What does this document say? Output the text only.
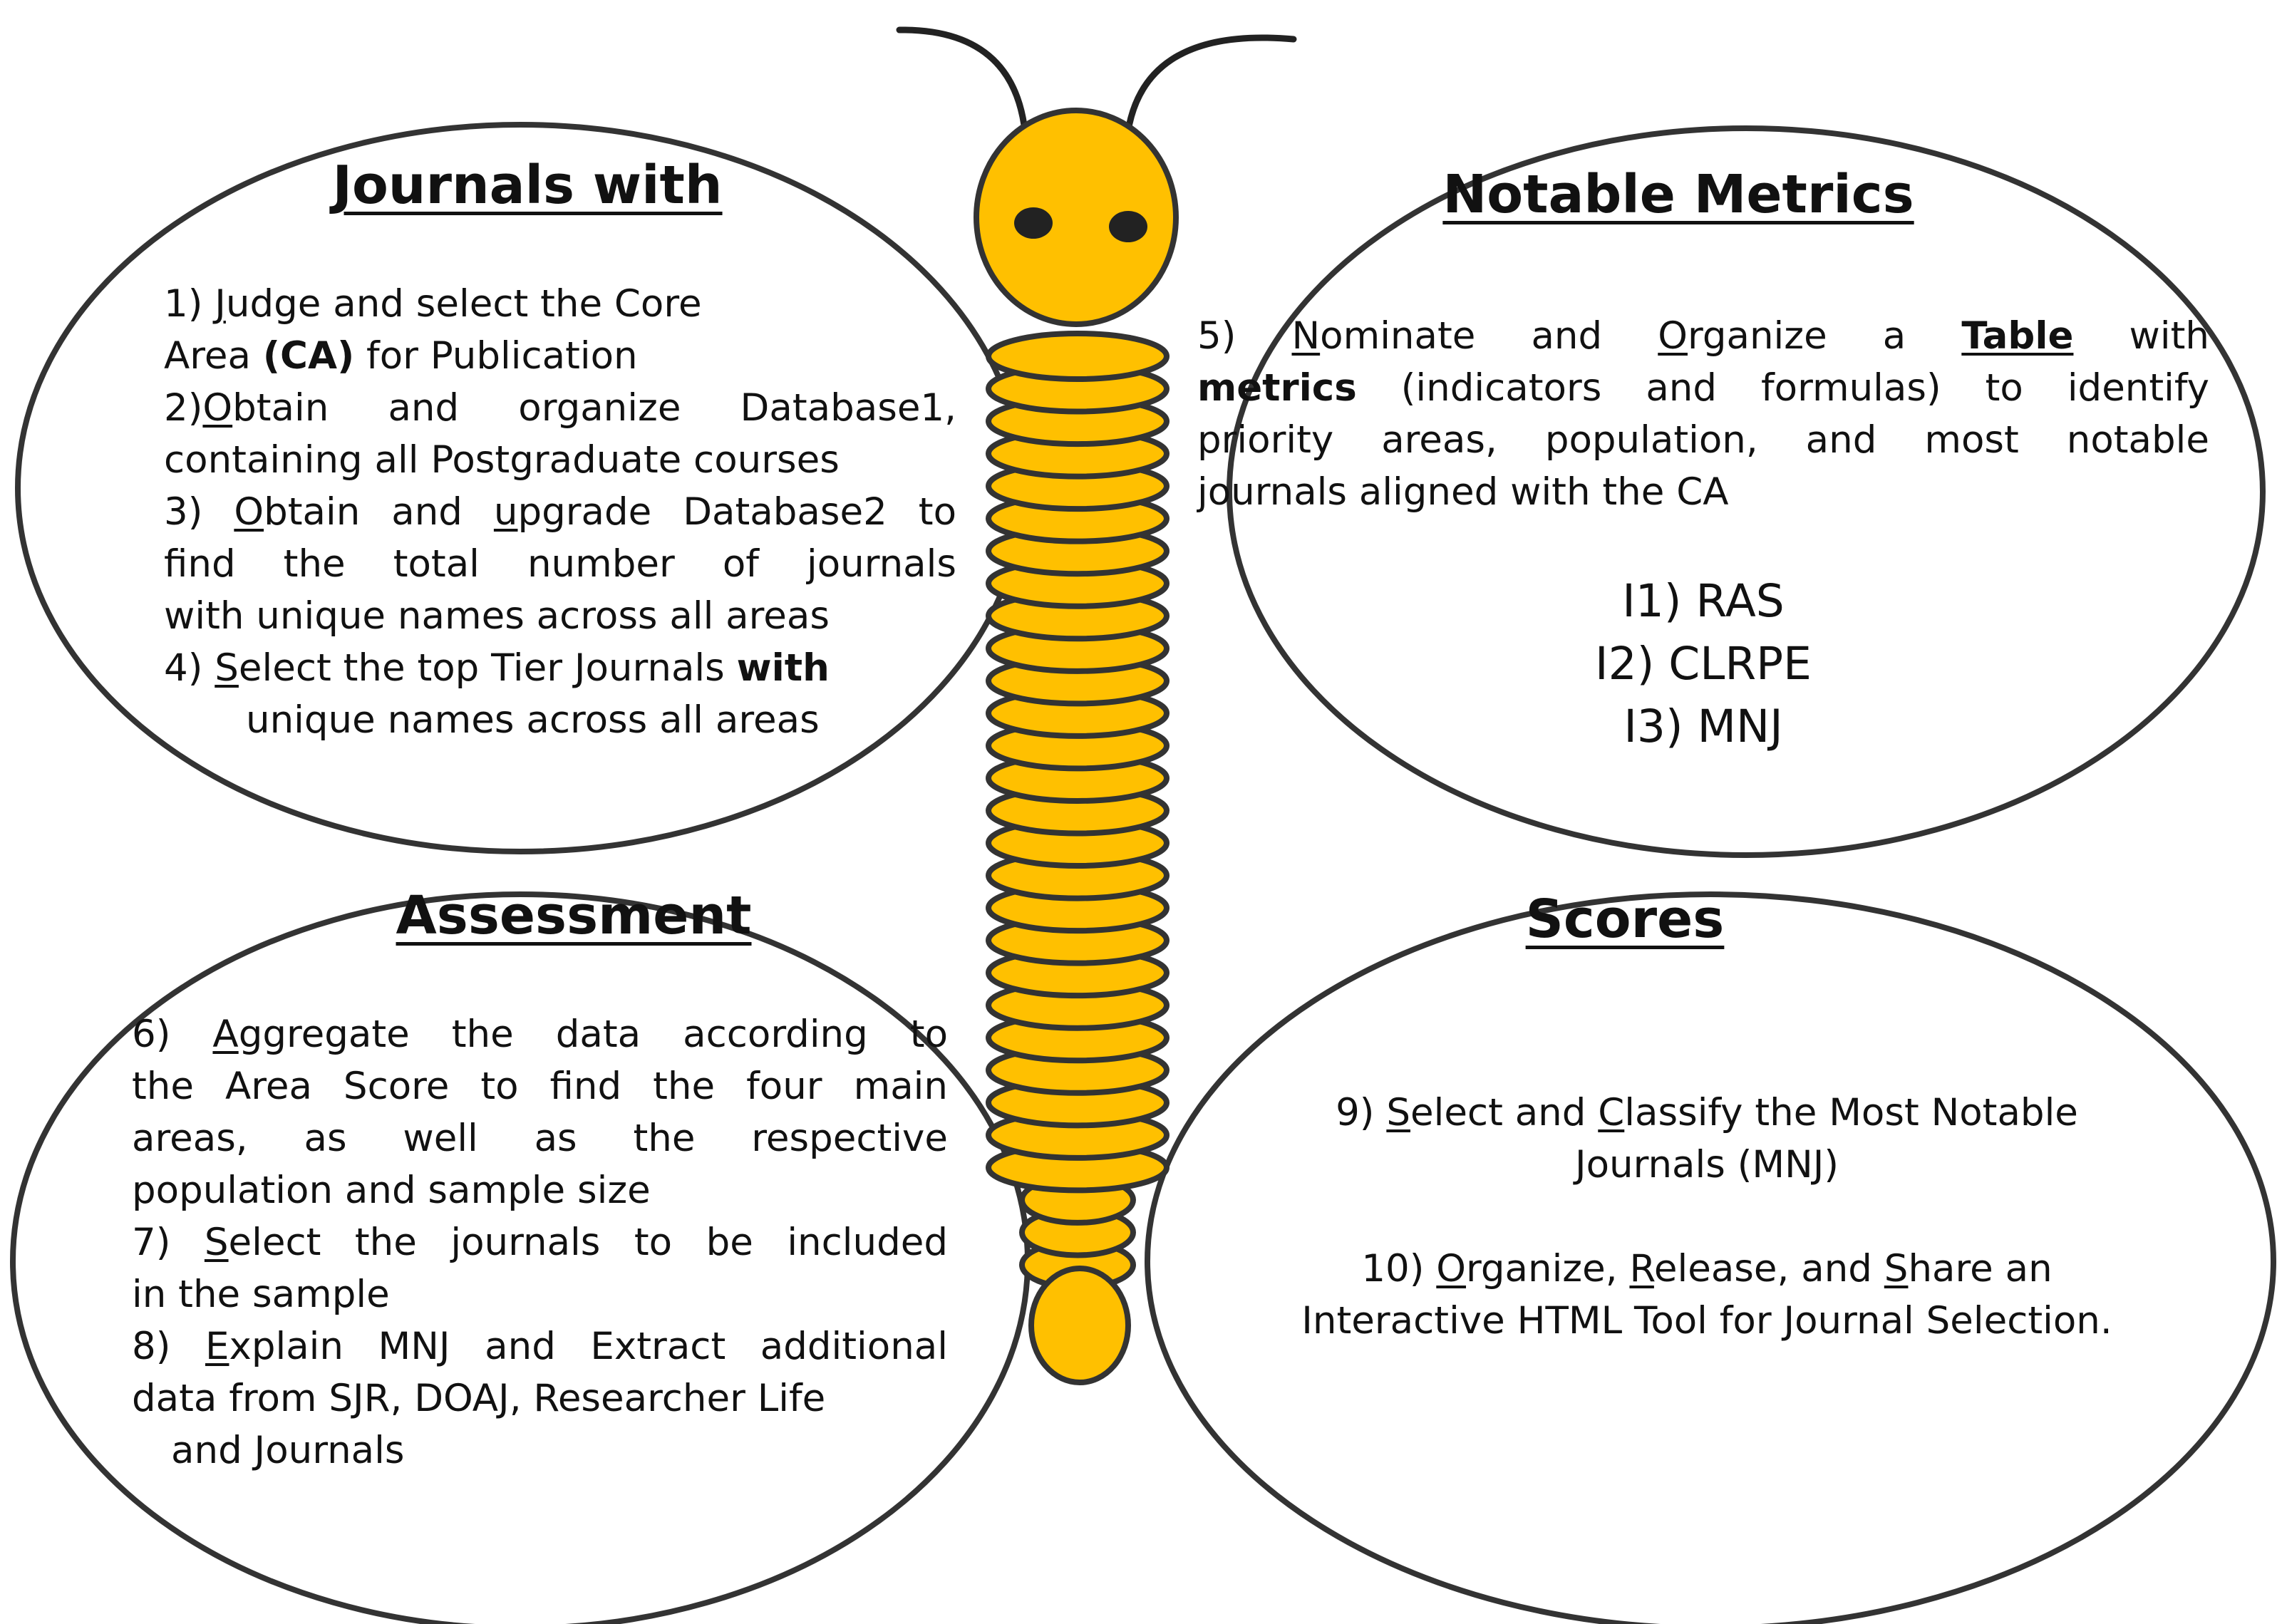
Journals with
1) Judge and select the Core
Area (CA) for Publication
2)Obtain and organize Database1,
containing all Postgraduate courses
3) Obtain and upgrade Database2 to
find the total number of journals
with unique names across all areas
4) Select the top Tier Journals with
unique names across all areas
Notable Metrics
5) Nominate and Organize a Table with
metrics (indicators and formulas) to identify
priority areas, population, and most notable
journals aligned with the CA
I1) RAS
I2) CLRPE
I3) MNJ
Assessment
6) Aggregate the data according to
the Area Score to find the four main
areas, as well as the respective
population and sample size
7) Select the journals to be included
in the sample
8) Explain MNJ and Extract additional
data from SJR, DOAJ, Researcher Life
and Journals
Scores
9) Select and Classify the Most Notable
Journals (MNJ)
10) Organize, Release, and Share an
Interactive HTML Tool for Journal Selection.
